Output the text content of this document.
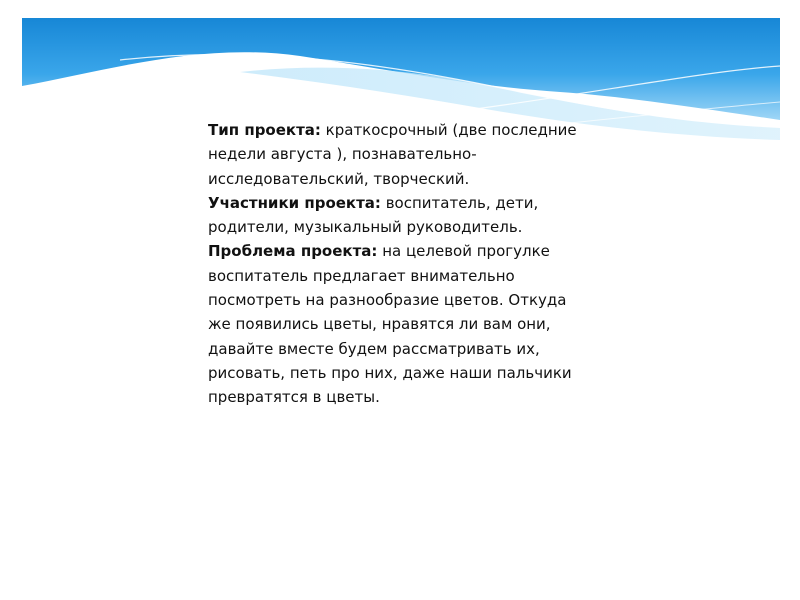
Тип проекта: краткосрочный (две последние недели августа ), познавательно-исследовательский, творческий.

Участники проекта: воспитатель, дети, родители, музыкальный руководитель.

Проблема проекта: на целевой прогулке воспитатель предлагает внимательно посмотреть на разнообразие цветов. Откуда же появились цветы, нравятся ли вам они, давайте вместе будем рассматривать их, рисовать, петь про них, даже наши пальчики превратятся в цветы.
